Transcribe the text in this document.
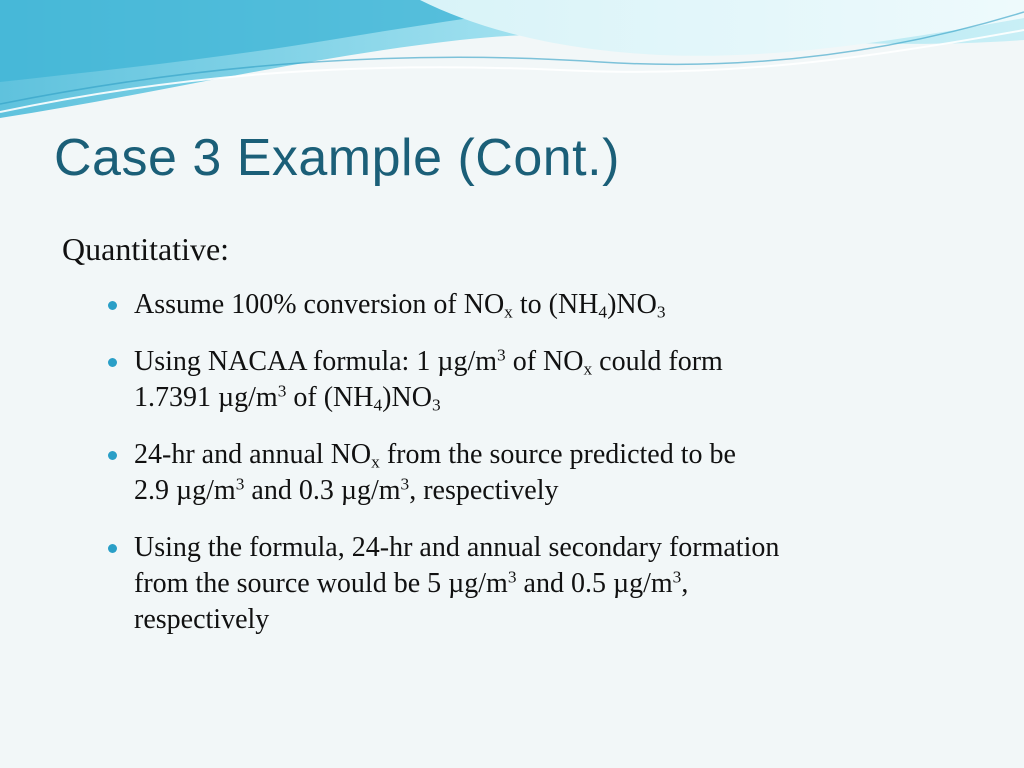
Case 3 Example (Cont.)

Quantitative:

Assume 100% conversion of $NO_x$ to $(NH_4)NO_3$
Using NACAA formula: 1 $\mu g/m^3$ of $NO_x$ could form
1.7391 $\mu g/m^3$ of $(NH_4)NO_3$
24-hr and annual $NO_x$ from the source predicted to be
2.9 $\mu g/m^3$ and 0.3 $\mu g/m^3$, respectively
Using the formula, 24-hr and annual secondary formation
from the source would be 5 $\mu g/m^3$ and 0.5 $\mu g/m^3$,
respectively
